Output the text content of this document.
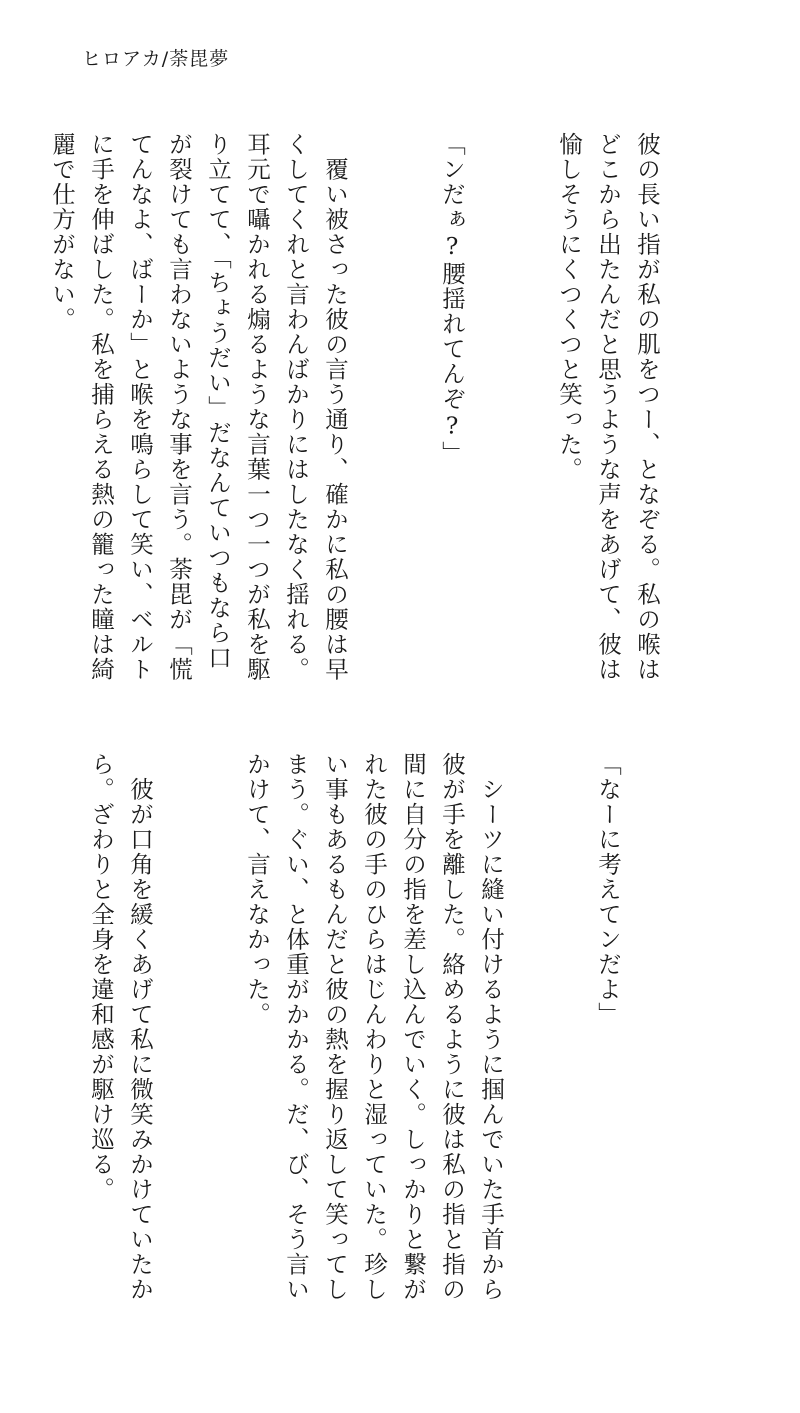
ヒロアカ/荼毘夢

彼の長い指が私の肌をつー、となぞる。私の喉はどこから出たんだと思うような声をあげて、彼は愉しそうにくつくつと笑った。

「ンだぁ?腰揺れてんぞ?」

　覆い被さった彼の言う通り、確かに私の腰は早くしてくれと言わんばかりにはしたなく揺れる。耳元で囁かれる煽るような言葉一つ一つが私を駆り立てて、「ちょうだい」だなんていつもなら口が裂けても言わないような事を言う。荼毘が「慌てんなよ、ばーか」と喉を鳴らして笑い、ベルトに手を伸ばした。私を捕らえる熱の籠った瞳は綺麗で仕方がない。

「なーに考えてンだよ」

　シーツに縫い付けるように掴んでいた手首から彼が手を離した。絡めるように彼は私の指と指の間に自分の指を差し込んでいく。しっかりと繋がれた彼の手のひらはじんわりと湿っていた。珍しい事もあるもんだと彼の熱を握り返して笑ってしまう。ぐい、と体重がかかる。だ、び、そう言いかけて、言えなかった。

　彼が口角を緩くあげて私に微笑みかけていたから。ざわりと全身を違和感が駆け巡る。
